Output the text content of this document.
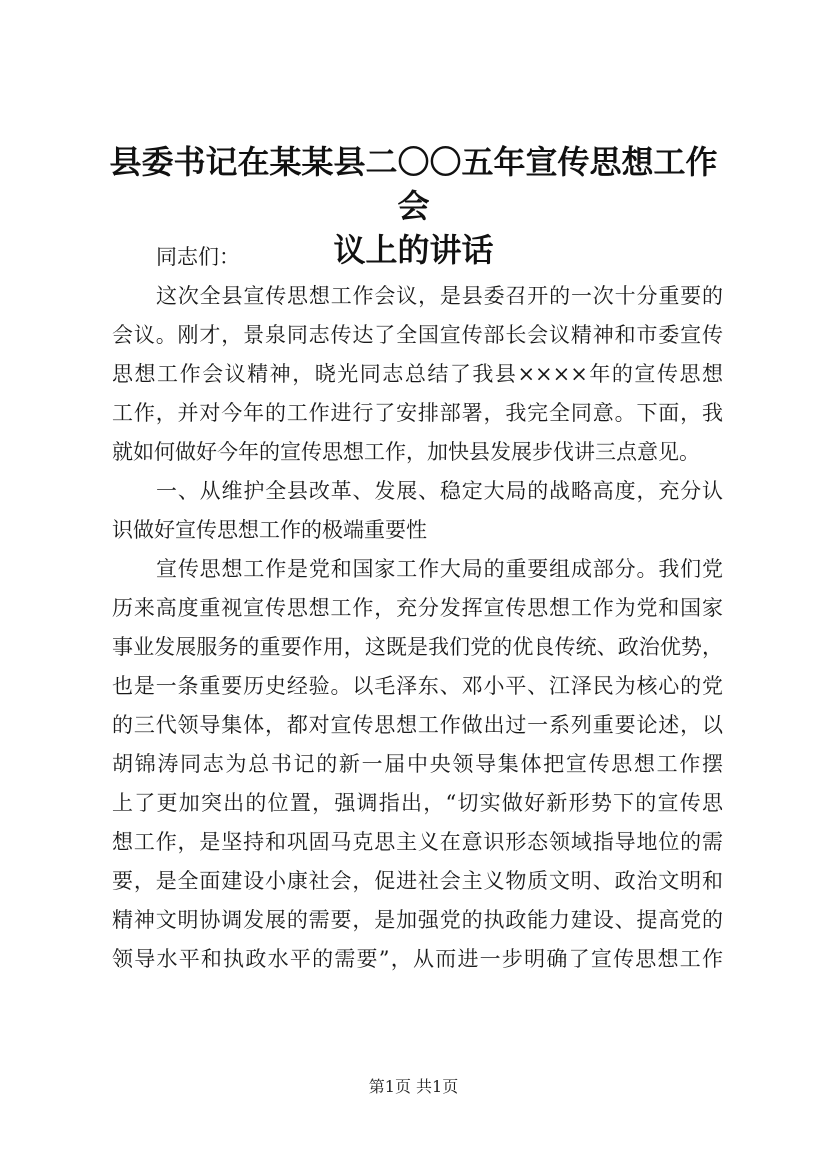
县委书记在某某县二〇〇五年宣传思想工作会
议上的讲话
同志们：
这次全县宣传思想工作会议，是县委召开的一次十分重要的
会议。刚才，景泉同志传达了全国宣传部长会议精神和市委宣传
思想工作会议精神，晓光同志总结了我县××××年的宣传思想
工作，并对今年的工作进行了安排部署，我完全同意。下面，我
就如何做好今年的宣传思想工作，加快县发展步伐讲三点意见。
一、从维护全县改革、发展、稳定大局的战略高度，充分认
识做好宣传思想工作的极端重要性
宣传思想工作是党和国家工作大局的重要组成部分。我们党
历来高度重视宣传思想工作，充分发挥宣传思想工作为党和国家
事业发展服务的重要作用，这既是我们党的优良传统、政治优势，
也是一条重要历史经验。以毛泽东、邓小平、江泽民为核心的党
的三代领导集体，都对宣传思想工作做出过一系列重要论述，以
胡锦涛同志为总书记的新一届中央领导集体把宣传思想工作摆
上了更加突出的位置，强调指出，“切实做好新形势下的宣传思
想工作，是坚持和巩固马克思主义在意识形态领域指导地位的需
要，是全面建设小康社会，促进社会主义物质文明、政治文明和
精神文明协调发展的需要，是加强党的执政能力建设、提高党的
领导水平和执政水平的需要”，从而进一步明确了宣传思想工作
第1页 共1页
